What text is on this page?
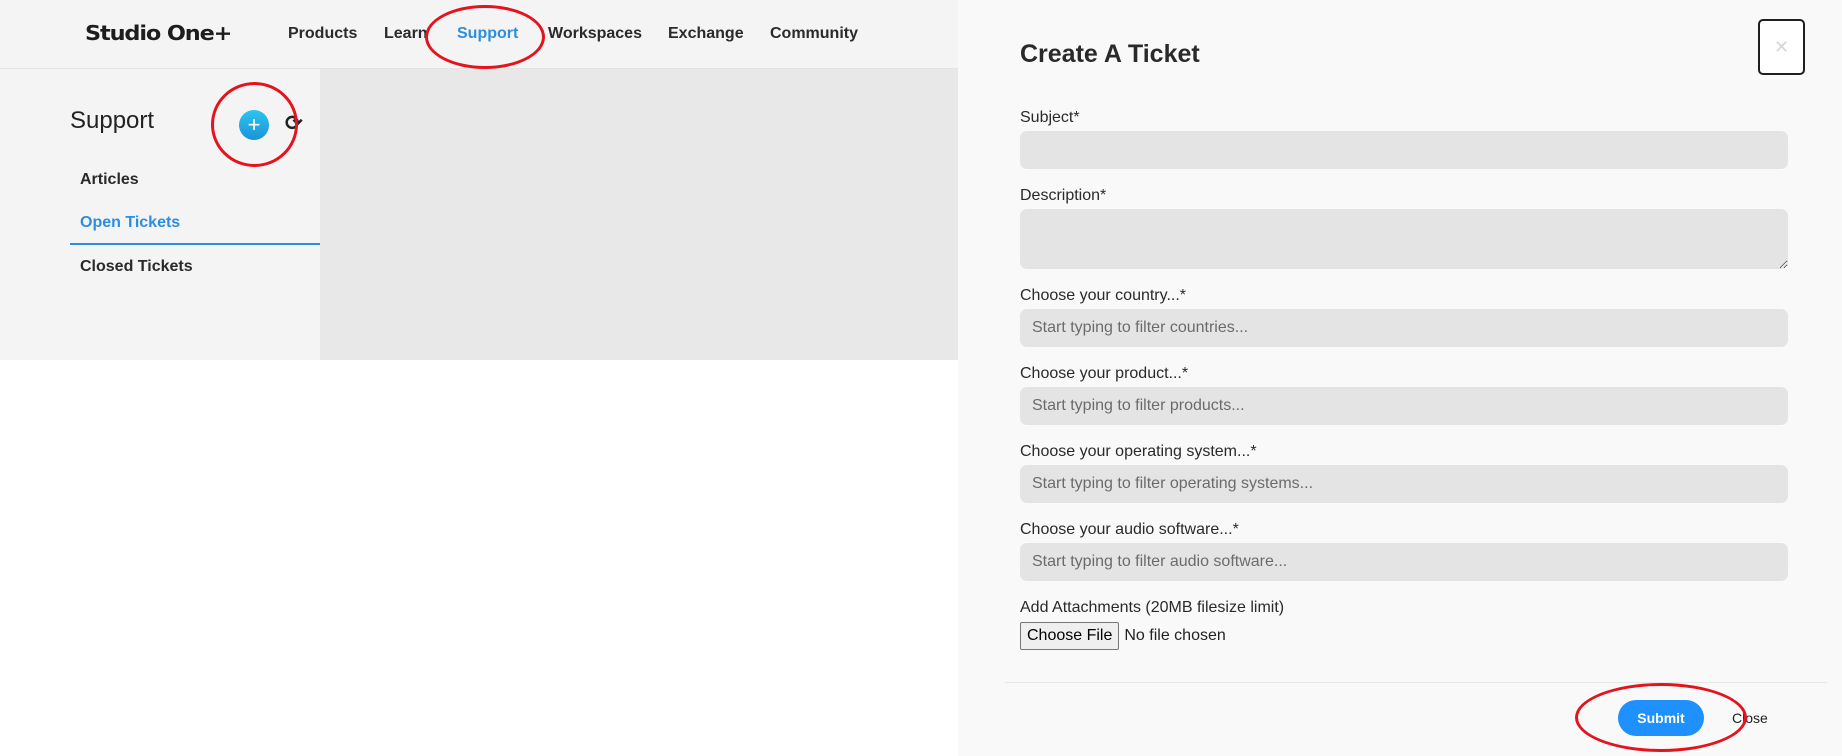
Studio One+	Products Learn Support Workspaces Exchange Community
Support	+	⟳
Articles
Open Tickets
Closed Tickets
Create A Ticket	✕
Subject*
Description*
Choose your country...*
Start typing to filter countries...
Choose your product...*
Start typing to filter products...
Choose your operating system...*
Start typing to filter operating systems...
Choose your audio software...*
Start typing to filter audio software...
Add Attachments (20MB filesize limit)
Choose File No file chosen
Submit	Close
